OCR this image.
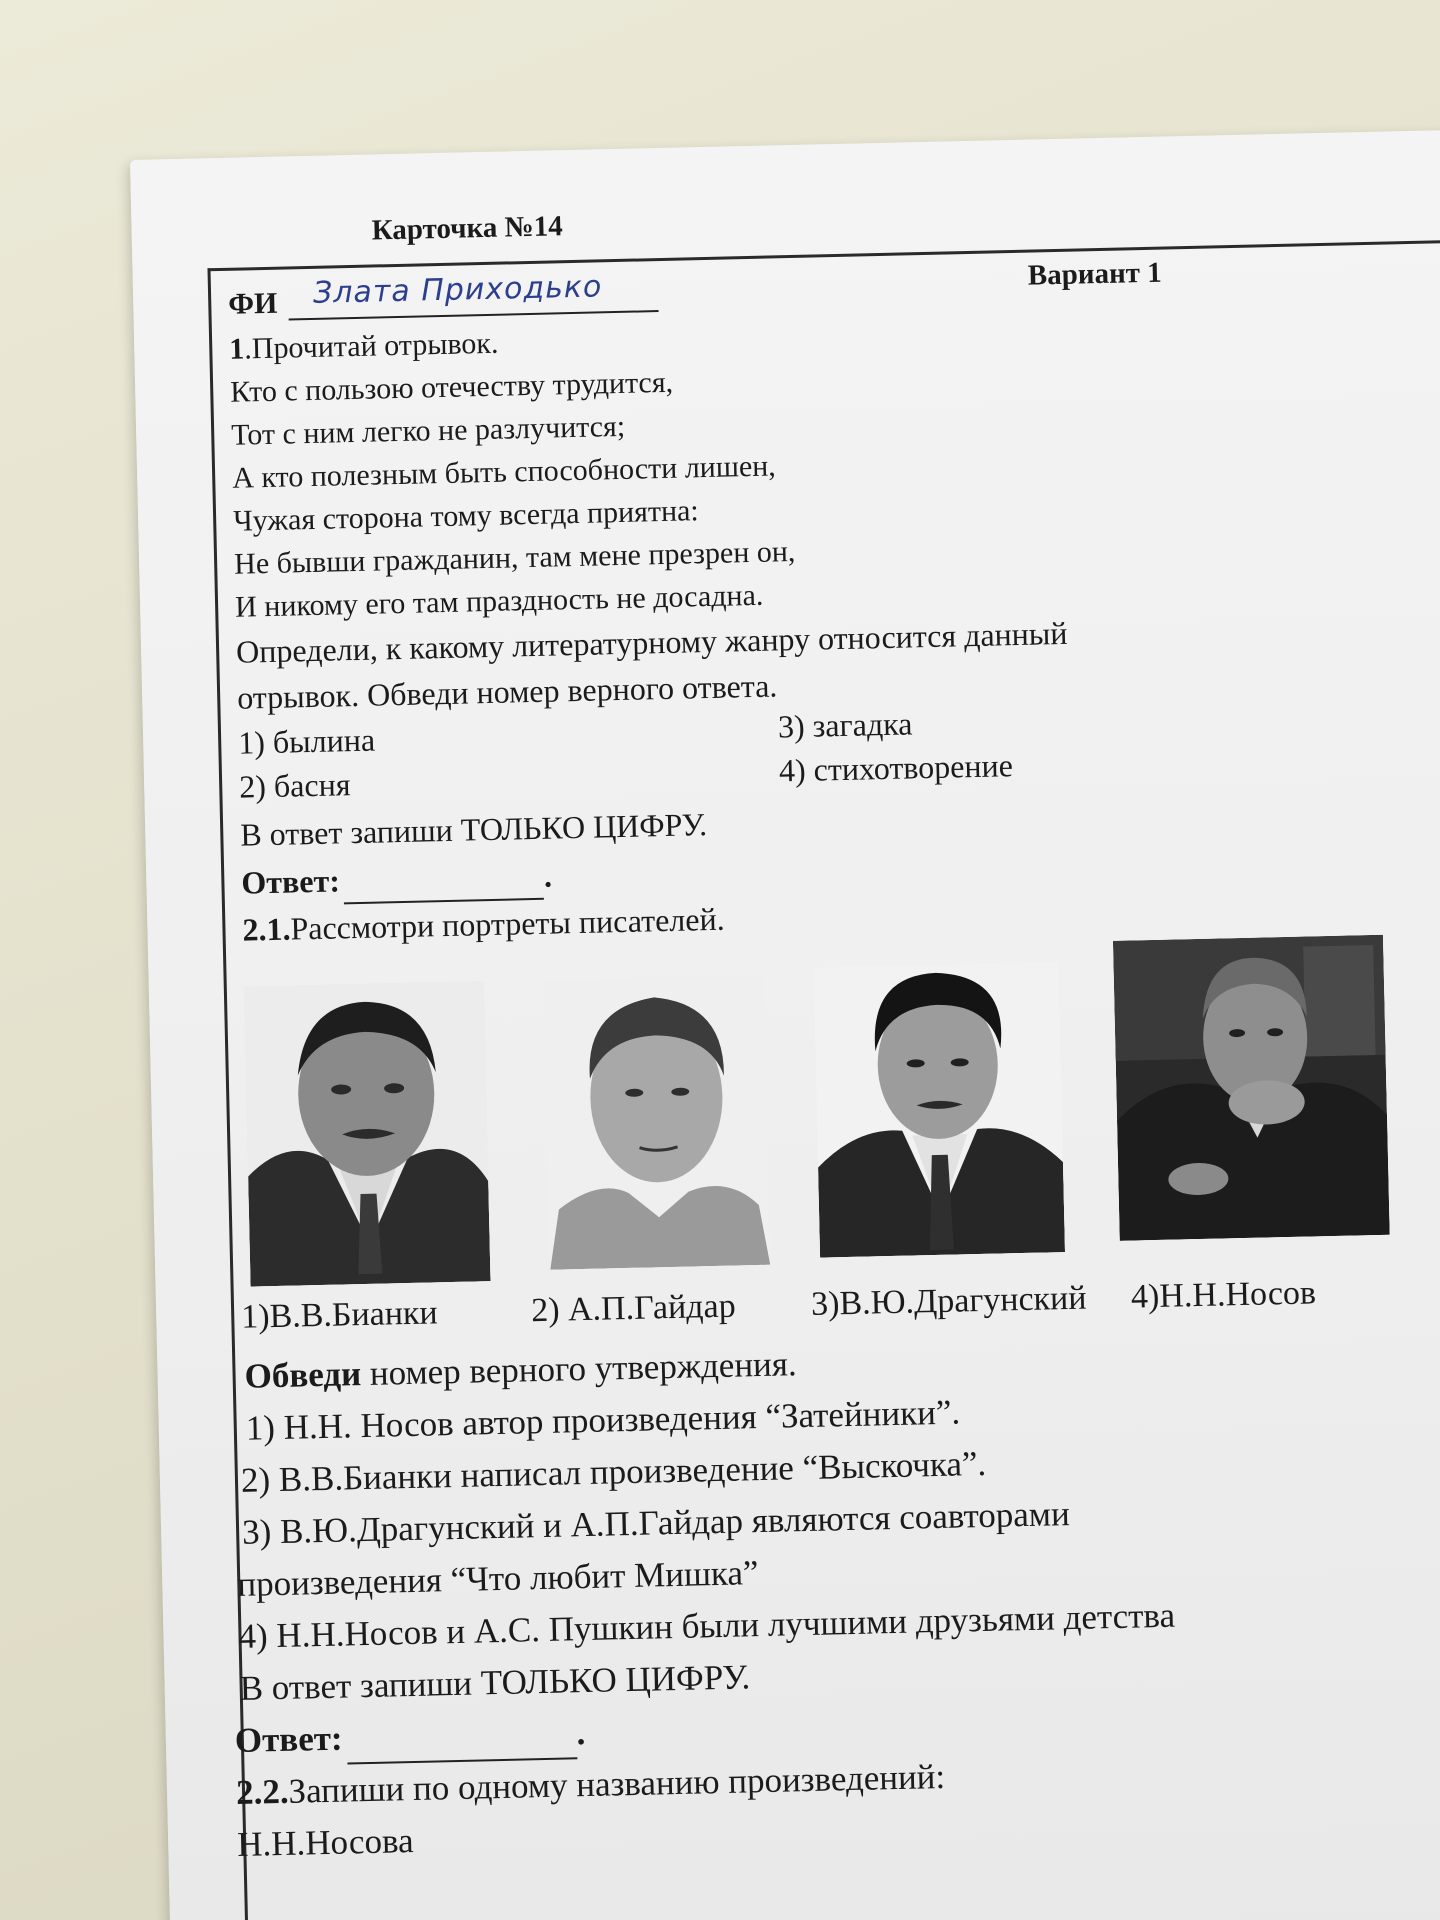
Карточка №14
ФИ Злата Приходько	Вариант 1
1.Прочитай отрывок.
Кто с пользою отечеству трудится,
Тот с ним легко не разлучится;
А кто полезным быть способности лишен,
Чужая сторона тому всегда приятна:
Не бывши гражданин, там мене презрен он,
И никому его там праздность не досадна.
Определи, к какому литературному жанру относится данный
отрывок. Обведи номер верного ответа.
1) былина
2) басня
3) загадка
4) стихотворение
В ответ запиши ТОЛЬКО ЦИФРУ.
Ответ:	.
2.1.Рассмотри портреты писателей.
1)В.В.Бианки	2) А.П.Гайдар 3)В.Ю.Драгунский 4)Н.Н.Носов
Обведи номер верного утверждения.
1) Н.Н. Носов автор произведения “Затейники”.
2) В.В.Бианки написал произведение “Выскочка”.
3) В.Ю.Драгунский и А.П.Гайдар являются соавторами
произведения “Что любит Мишка”
4) Н.Н.Носов и А.С. Пушкин были лучшими друзьями детства
В ответ запиши ТОЛЬКО ЦИФРУ.
Ответ:	.
2.2.Запиши по одному названию произведений:
Н.Н.Носова
